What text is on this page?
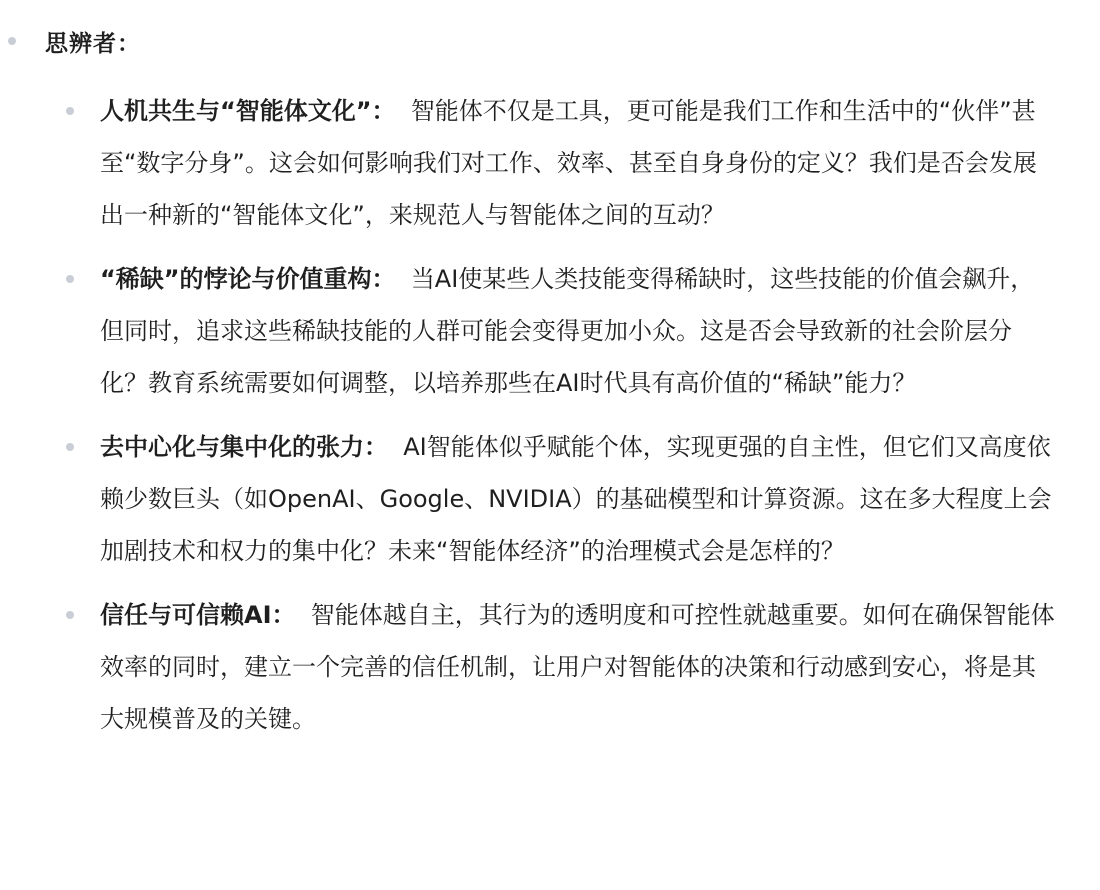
思辨者：
人机共生与“智能体文化”： 智能体不仅是工具，更可能是我们工作和生活中的“伙伴”甚至“数字分身”。这会如何影响我们对工作、效率、甚至自身身份的定义？我们是否会发展出一种新的“智能体文化”，来规范人与智能体之间的互动？
“稀缺”的悖论与价值重构： 当AI使某些人类技能变得稀缺时，这些技能的价值会飙升，但同时，追求这些稀缺技能的人群可能会变得更加小众。这是否会导致新的社会阶层分化？教育系统需要如何调整，以培养那些在AI时代具有高价值的“稀缺”能力？
去中心化与集中化的张力： AI智能体似乎赋能个体，实现更强的自主性，但它们又高度依赖少数巨头（如OpenAI、Google、NVIDIA）的基础模型和计算资源。这在多大程度上会加剧技术和权力的集中化？未来“智能体经济”的治理模式会是怎样的？
信任与可信赖AI： 智能体越自主，其行为的透明度和可控性就越重要。如何在确保智能体效率的同时，建立一个完善的信任机制，让用户对智能体的决策和行动感到安心，将是其大规模普及的关键。
